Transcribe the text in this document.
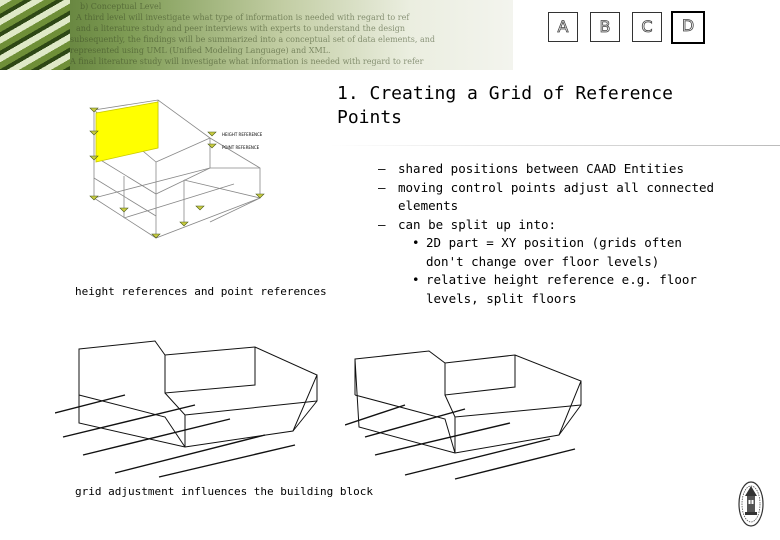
b) Conceptual Level
A third level will investigate what type of information is needed with regard to ref
and a literature study and peer interviews with experts to understand the design
subsequently, the findings will be summarized into a conceptual set of data elements, and
represented using UML (Unified Modeling Language) and XML.
A final literature study will investigate what information is needed with regard to refer
A	B	C	D
1. Creating a Grid of Reference
Points
– shared positions between CAAD Entities
– moving control points adjust all connected elements
– can be split up into:
• 2D part = XY position (grids often don't change over floor levels)
• relative height reference e.g. floor levels, split floors
HEIGHT REFERENCE
POINT REFERENCE
height references and point references
grid adjustment influences the building block
